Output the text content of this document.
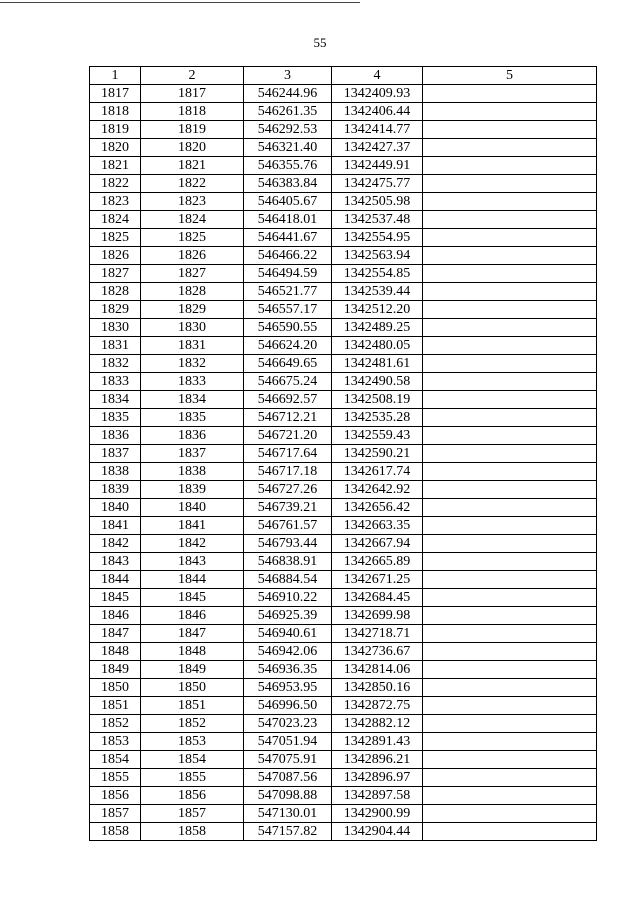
55
1	2	3	4	5
1817	1817	546244.96	1342409.93	
1818	1818	546261.35	1342406.44	
1819	1819	546292.53	1342414.77	
1820	1820	546321.40	1342427.37	
1821	1821	546355.76	1342449.91	
1822	1822	546383.84	1342475.77	
1823	1823	546405.67	1342505.98	
1824	1824	546418.01	1342537.48	
1825	1825	546441.67	1342554.95	
1826	1826	546466.22	1342563.94	
1827	1827	546494.59	1342554.85	
1828	1828	546521.77	1342539.44	
1829	1829	546557.17	1342512.20	
1830	1830	546590.55	1342489.25	
1831	1831	546624.20	1342480.05	
1832	1832	546649.65	1342481.61	
1833	1833	546675.24	1342490.58	
1834	1834	546692.57	1342508.19	
1835	1835	546712.21	1342535.28	
1836	1836	546721.20	1342559.43	
1837	1837	546717.64	1342590.21	
1838	1838	546717.18	1342617.74	
1839	1839	546727.26	1342642.92	
1840	1840	546739.21	1342656.42	
1841	1841	546761.57	1342663.35	
1842	1842	546793.44	1342667.94	
1843	1843	546838.91	1342665.89	
1844	1844	546884.54	1342671.25	
1845	1845	546910.22	1342684.45	
1846	1846	546925.39	1342699.98	
1847	1847	546940.61	1342718.71	
1848	1848	546942.06	1342736.67	
1849	1849	546936.35	1342814.06	
1850	1850	546953.95	1342850.16	
1851	1851	546996.50	1342872.75	
1852	1852	547023.23	1342882.12	
1853	1853	547051.94	1342891.43	
1854	1854	547075.91	1342896.21	
1855	1855	547087.56	1342896.97	
1856	1856	547098.88	1342897.58	
1857	1857	547130.01	1342900.99	
1858	1858	547157.82	1342904.44	
